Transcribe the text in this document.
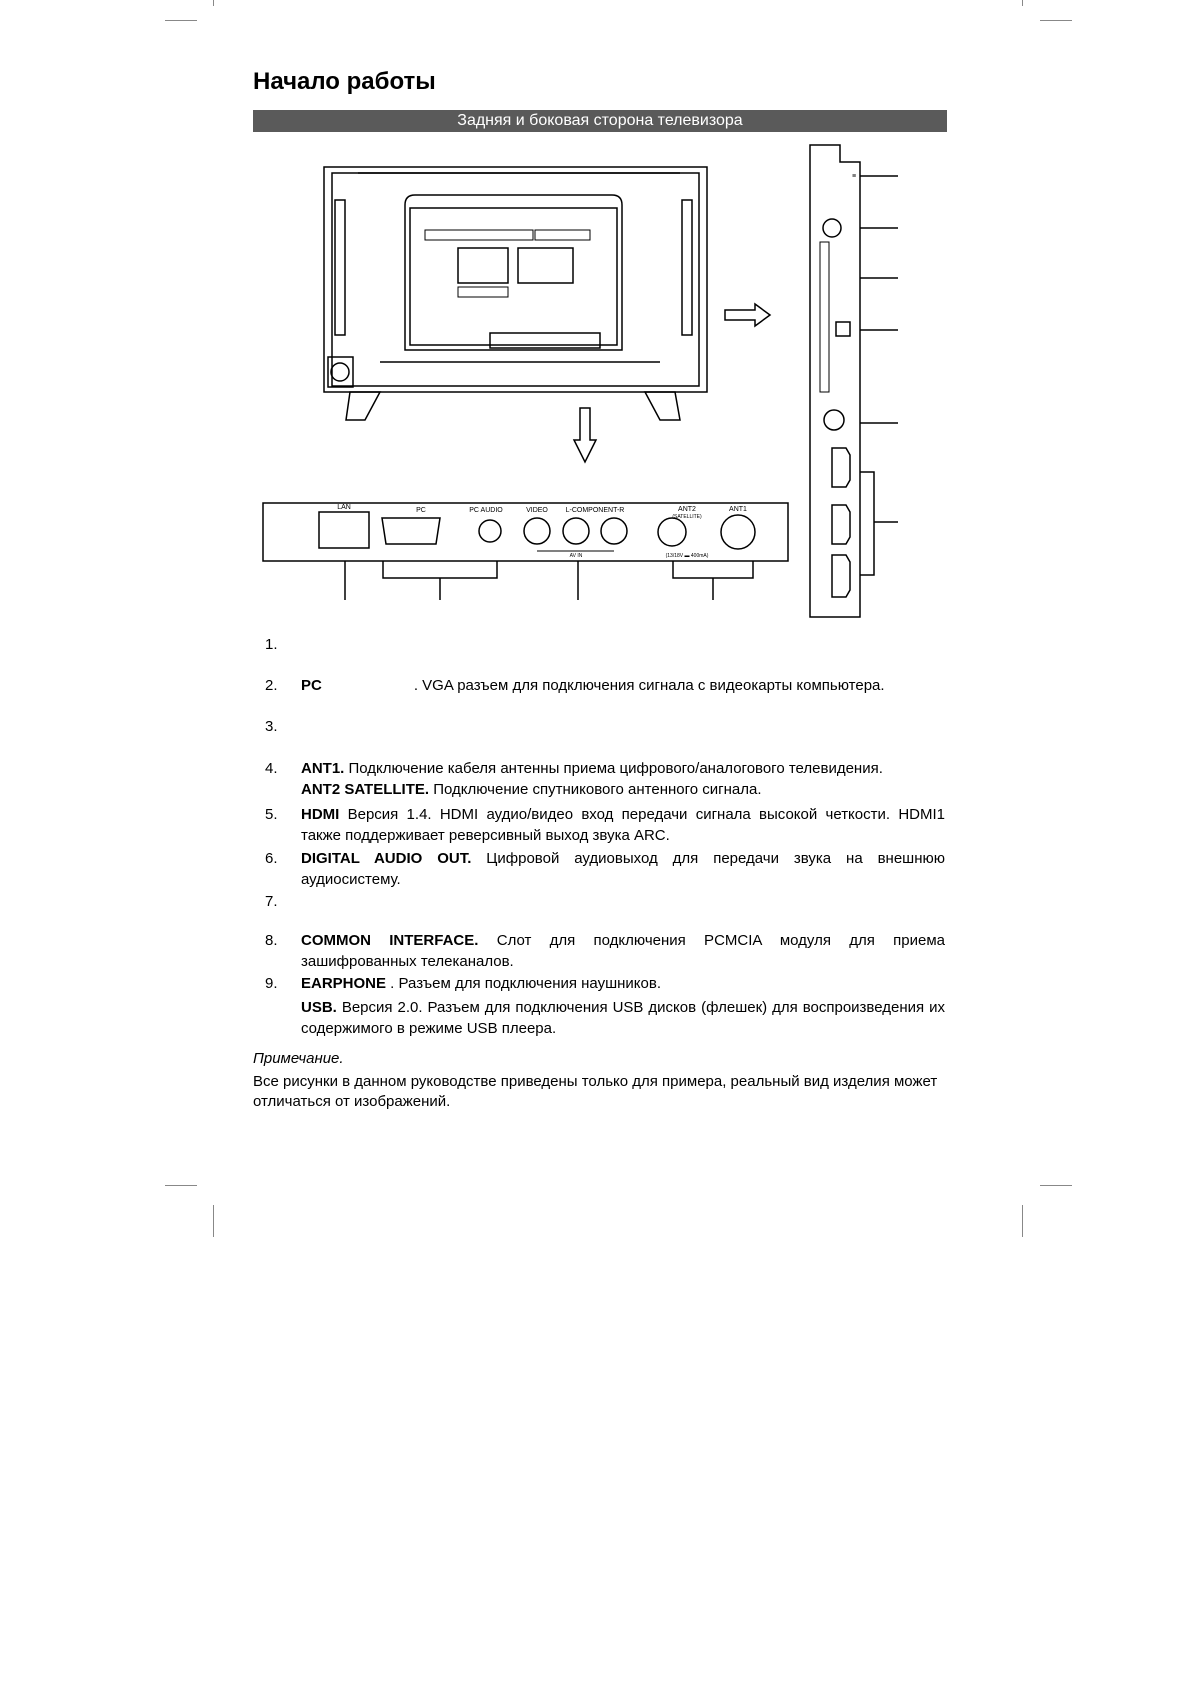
Начало работы
Задняя и боковая сторона телевизора
≡
LAN	PC	PC AUDIO	VIDEO	L-COMPONENT-R
AV IN
ANT2
(SATELLITE)
(13/18V ▬ 400mA)
ANT1
1.
2. PC	. VGA разъем для подключения сигнала с видеокарты компьютера.
3.
4. ANT1. Подключение кабеля антенны приема цифрового/аналогового телевидения.
ANT2 SATELLITE. Подключение спутникового антенного сигнала.
5. HDMI Версия 1.4. HDMI аудио/видео вход передачи сигнала высокой четкости. HDMI1 также поддерживает реверсивный выход звука ARC.
6. DIGITAL AUDIO OUT. Цифровой аудиовыход для передачи звука на внешнюю аудиосистему.
7.
8. COMMON INTERFACE. Слот для подключения PCMCIA модуля для приема зашифрованных телеканалов.
9. EARPHONE . Разъем для подключения наушников.
USB. Версия 2.0. Разъем для подключения USB дисков (флешек) для воспроизведения их содержимого в режиме USB плеера.
Примечание.
Все рисунки в данном руководстве приведены только для примера, реальный вид изделия может отличаться от изображений.
